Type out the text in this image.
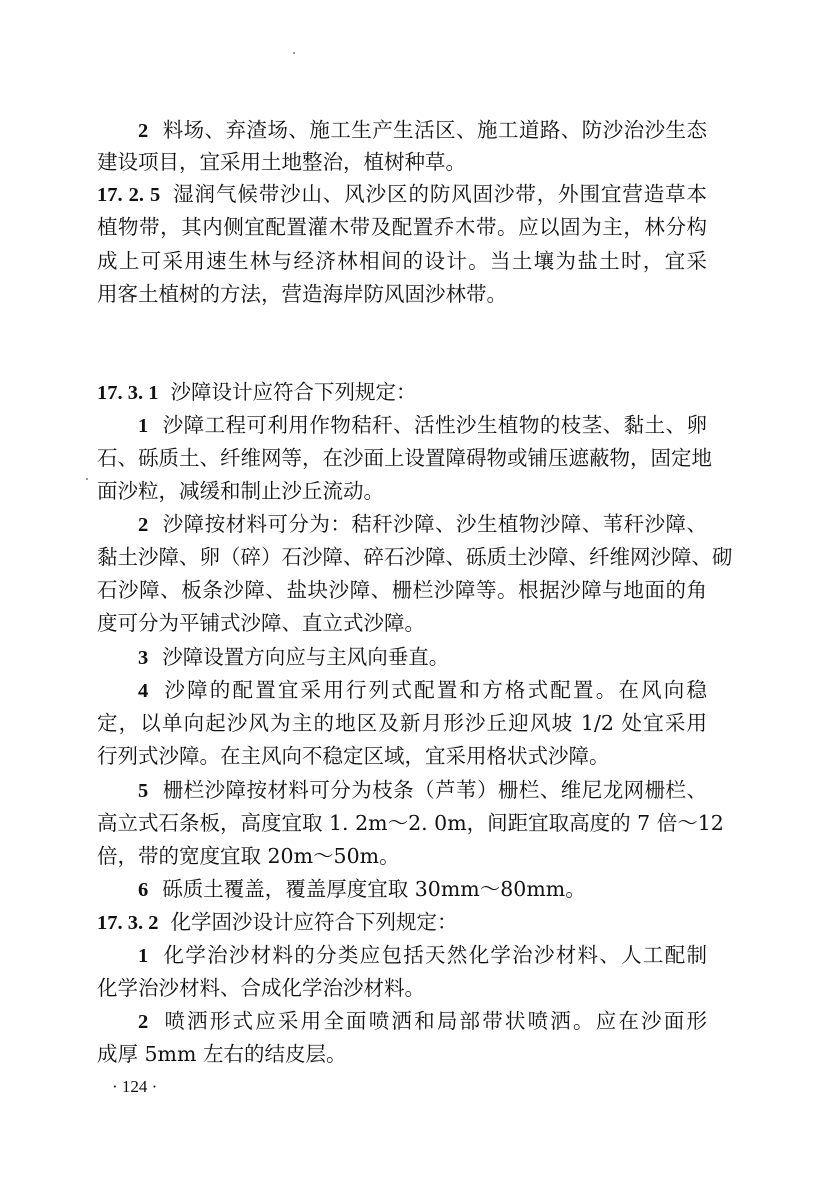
2 料场、弃渣场、施工生产生活区、施工道路、防沙治沙生态
建设项目，宜采用土地整治，植树种草。
17. 2. 5 湿润气候带沙山、风沙区的防风固沙带，外围宜营造草本
植物带，其内侧宜配置灌木带及配置乔木带。应以固为主，林分构
成上可采用速生林与经济林相间的设计。当土壤为盐土时，宜采
用客土植树的方法，营造海岸防风固沙林带。
17. 3. 1 沙障设计应符合下列规定：
1 沙障工程可利用作物秸秆、活性沙生植物的枝茎、黏土、卵
石、砾质土、纤维网等，在沙面上设置障碍物或铺压遮蔽物，固定地
面沙粒，减缓和制止沙丘流动。
2 沙障按材料可分为：秸秆沙障、沙生植物沙障、苇秆沙障、
黏土沙障、卵（碎）石沙障、碎石沙障、砾质土沙障、纤维网沙障、砌
石沙障、板条沙障、盐块沙障、栅栏沙障等。根据沙障与地面的角
度可分为平铺式沙障、直立式沙障。
3 沙障设置方向应与主风向垂直。
4 沙障的配置宜采用行列式配置和方格式配置。在风向稳
定，以单向起沙风为主的地区及新月形沙丘迎风坡 1/2 处宜采用
行列式沙障。在主风向不稳定区域，宜采用格状式沙障。
5 栅栏沙障按材料可分为枝条（芦苇）栅栏、维尼龙网栅栏、
高立式石条板，高度宜取 1. 2m～2. 0m，间距宜取高度的 7 倍～12
倍，带的宽度宜取 20m～50m。
6 砾质土覆盖，覆盖厚度宜取 30mm～80mm。
17. 3. 2 化学固沙设计应符合下列规定：
1 化学治沙材料的分类应包括天然化学治沙材料、人工配制
化学治沙材料、合成化学治沙材料。
2 喷洒形式应采用全面喷洒和局部带状喷洒。应在沙面形
成厚 5mm 左右的结皮层。
· 124 ·
